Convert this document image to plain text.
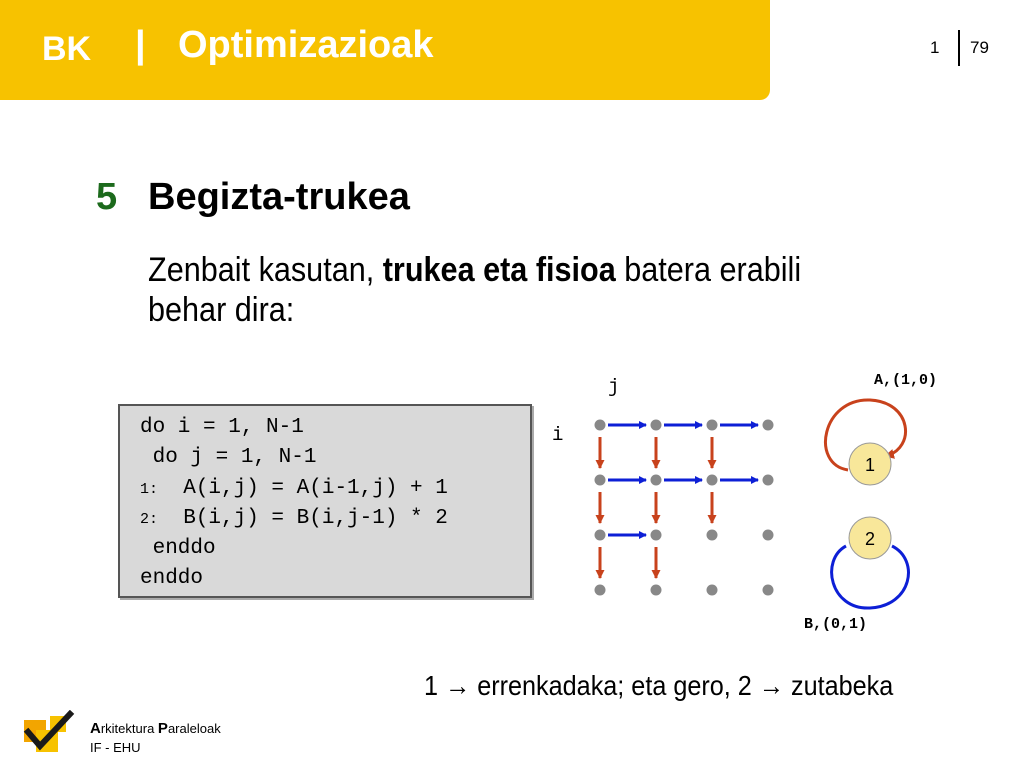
BK | Optimizazioak	1 79
5 Begizta-trukea
Zenbait kasutan, trukea eta fisioa batera erabili behar dira:
do i = 1, N-1
do j = 1, N-1
1:  A(i,j) = A(i-1,j) + 1
2:  B(i,j) = B(i,j-1) * 2
enddo
enddo
j
i
1
2
A,(1,0)
B,(0,1)
1 → errenkadaka; eta gero, 2 → zutabeka
Arkitektura Paraleloak
IF - EHU
